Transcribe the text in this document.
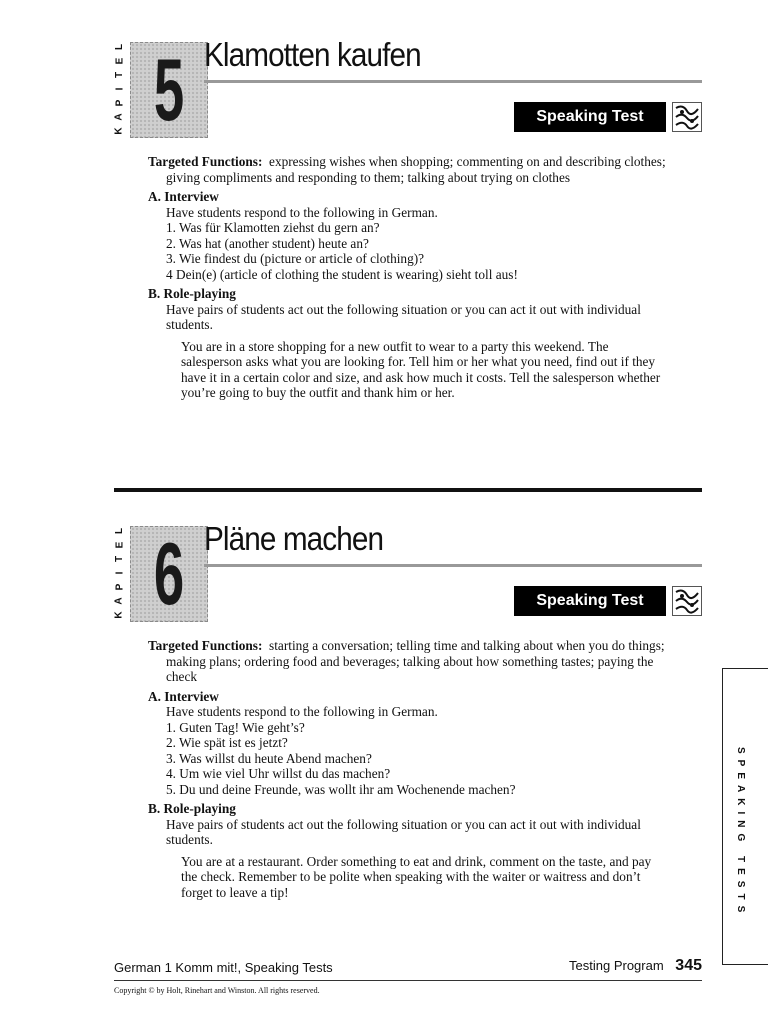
K
A
P
I
T
E
L 5 Klamotten kaufen
Speaking Test

Targeted Functions: expressing wishes when shopping; commenting on and describing clothes; giving compliments and responding to them; talking about trying on clothes

A. Interview

Have students respond to the following in German.

1. Was für Klamotten ziehst du gern an?

2. Was hat (another student) heute an?

3. Wie findest du (picture or article of clothing)?

4 Dein(e) (article of clothing the student is wearing) sieht toll aus!

B. Role-playing

Have pairs of students act out the following situation or you can act it out with individual students.

You are in a store shopping for a new outfit to wear to a party this weekend. The salesperson asks what you are looking for. Tell him or her what you need, find out if they have it in a certain color and size, and ask how much it costs. Tell the salesperson whether you’re going to buy the outfit and thank him or her.

K
A
P
I
T
E
L 6 Pläne machen
Speaking Test

Targeted Functions: starting a conversation; telling time and talking about when you do things; making plans; ordering food and beverages; talking about how something tastes; paying the check

A. Interview

Have students respond to the following in German.

1. Guten Tag! Wie geht’s?

2. Wie spät ist es jetzt?

3. Was willst du heute Abend machen?

4. Um wie viel Uhr willst du das machen?

5. Du und deine Freunde, was wollt ihr am Wochenende machen?

B. Role-playing

Have pairs of students act out the following situation or you can act it out with individual students.

You are at a restaurant. Order something to eat and drink, comment on the taste, and pay the check. Remember to be polite when speaking with the waiter or waitress and don’t forget to leave a tip!	SPEAKING TESTS
German 1 Komm mit!, Speaking Tests	Testing Program 345
Copyright © by Holt, Rinehart and Winston. All rights reserved.
